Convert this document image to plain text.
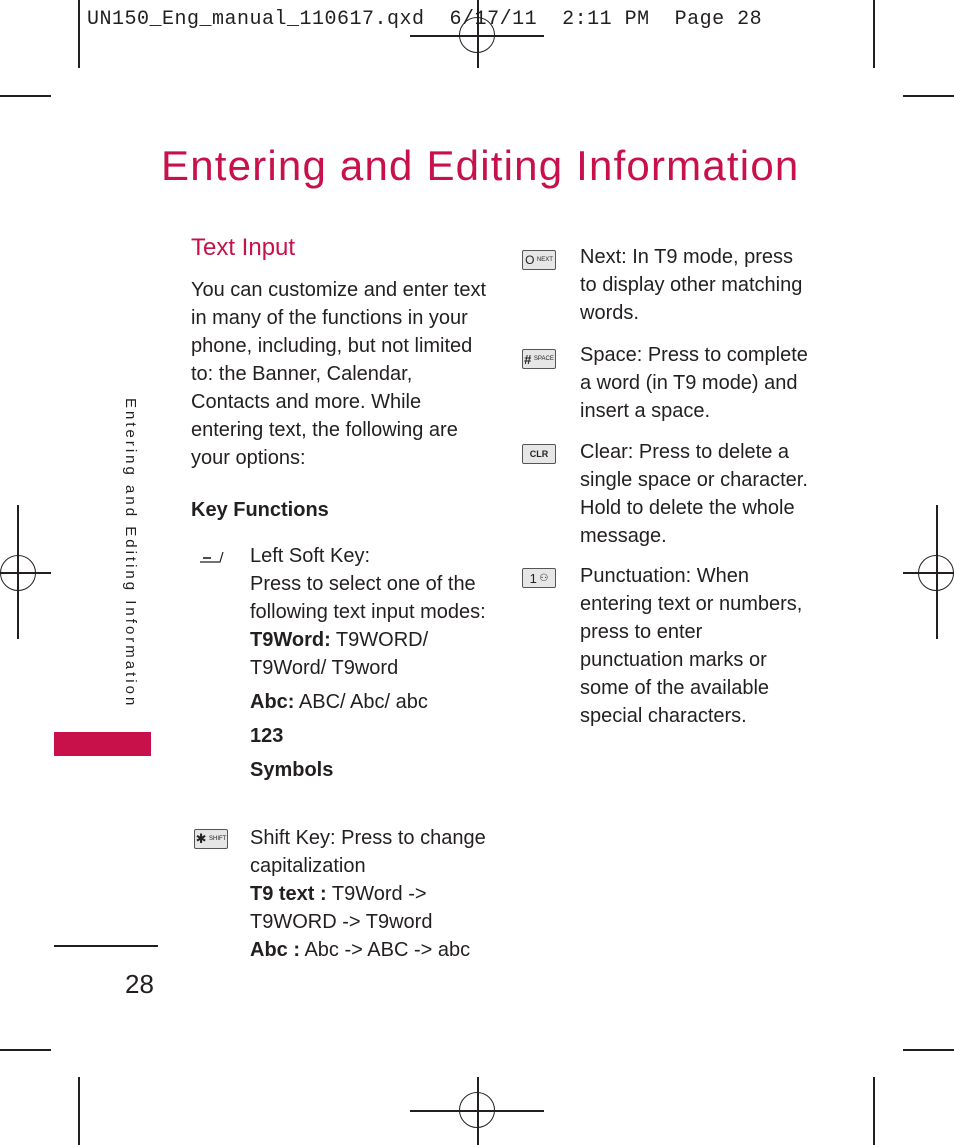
UN150_Eng_manual_110617.qxd  6/17/11  2:11 PM  Page 28
Entering and Editing Information
Entering and Editing Information
28
Text Input
You can customize and enter text in many of the functions in your phone, including, but not limited to: the Banner, Calendar, Contacts and more. While entering text, the following are your options:
Key Functions
Left Soft Key:
Press to select one of the following text input modes:
T9Word: T9WORD/ T9Word/ T9word
Abc: ABC/ Abc/ abc
123
Symbols
✱
SHIFT Shift Key: Press to change capitalization
T9 text : T9Word -> T9WORD -> T9word
Abc : Abc -> ABC -> abc
O
NEXT Next: In T9 mode, press to display other matching words.
#
SPACE Space: Press to complete a word (in T9 mode) and insert a space.
CLR Clear: Press to delete a single space or character. Hold to delete the whole message.
1
⚇ Punctuation: When entering text or numbers, press to enter punctuation marks or some of the available special characters.
